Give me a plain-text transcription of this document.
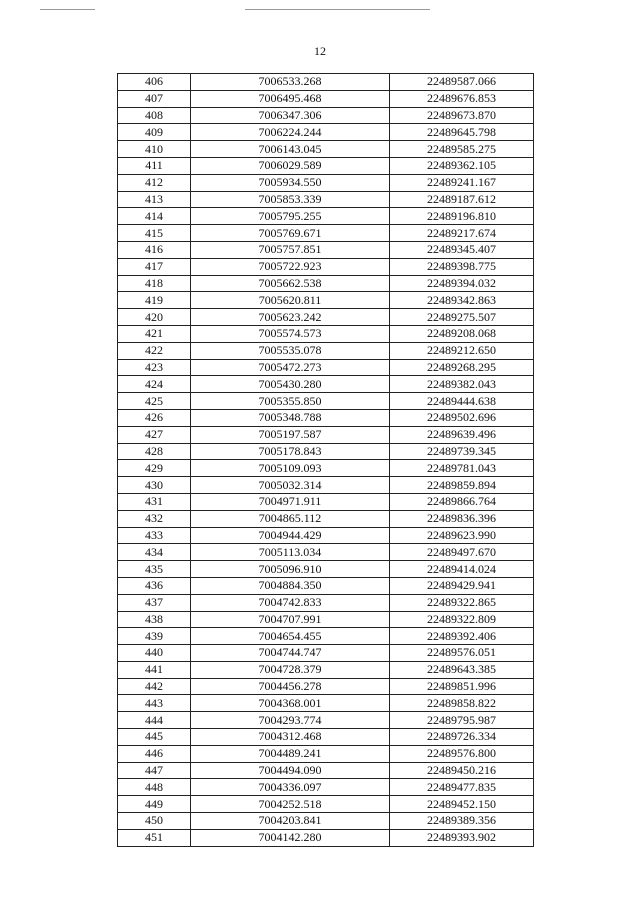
12
406	7006533.268	22489587.066
407	7006495.468	22489676.853
408	7006347.306	22489673.870
409	7006224.244	22489645.798
410	7006143.045	22489585.275
411	7006029.589	22489362.105
412	7005934.550	22489241.167
413	7005853.339	22489187.612
414	7005795.255	22489196.810
415	7005769.671	22489217.674
416	7005757.851	22489345.407
417	7005722.923	22489398.775
418	7005662.538	22489394.032
419	7005620.811	22489342.863
420	7005623.242	22489275.507
421	7005574.573	22489208.068
422	7005535.078	22489212.650
423	7005472.273	22489268.295
424	7005430.280	22489382.043
425	7005355.850	22489444.638
426	7005348.788	22489502.696
427	7005197.587	22489639.496
428	7005178.843	22489739.345
429	7005109.093	22489781.043
430	7005032.314	22489859.894
431	7004971.911	22489866.764
432	7004865.112	22489836.396
433	7004944.429	22489623.990
434	7005113.034	22489497.670
435	7005096.910	22489414.024
436	7004884.350	22489429.941
437	7004742.833	22489322.865
438	7004707.991	22489322.809
439	7004654.455	22489392.406
440	7004744.747	22489576.051
441	7004728.379	22489643.385
442	7004456.278	22489851.996
443	7004368.001	22489858.822
444	7004293.774	22489795.987
445	7004312.468	22489726.334
446	7004489.241	22489576.800
447	7004494.090	22489450.216
448	7004336.097	22489477.835
449	7004252.518	22489452.150
450	7004203.841	22489389.356
451	7004142.280	22489393.902
